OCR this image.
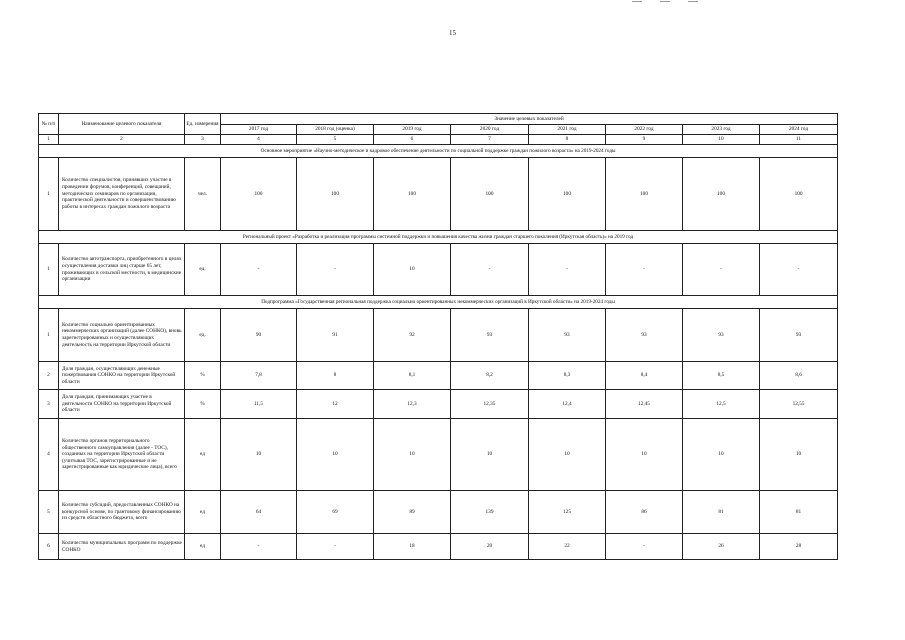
15
№ п/п	Наименование целевого показателя	Ед. измерения	Значение целевых показателей							
			2017 год	2018 год (оценка)	2019 год	2020 год	2021 год	2022 год	2023 год	2024 год
1	2	3	4	5	6	7	8	9	10	11
Основное мероприятие «Научно-методическое и кадровое обеспечение деятельности по социальной поддержке граждан пожилого возраста» на 2019-2024 годы										
1	Количество специалистов, принявших участие в проведении форумов, конференций, совещаний, методических семинаров по организации, практической деятельности и совершенствованию работы в интересах граждан пожилого возраста	чел.	100	100	100	100	100	100	100	100
Региональный проект «Разработка и реализация программы системной поддержки и повышения качества жизни граждан старшего поколения (Иркутская область)» на 2019 год										
1	Количество автотранспорта, приобретенного в целях осуществления доставки лиц старше 65 лет, проживающих в сельской местности, в медицинские организации	ед.	-	-	10	-	-	-	-	-
Подпрограмма «Государственная региональная поддержка социально ориентированных некоммерческих организаций в Иркутской области» на 2019-2024 годы										
1	Количество социально ориентированных некоммерческих организаций (далее СОНКО), вновь зарегистрированных и осуществляющих деятельность на территории Иркутской области	ед.	90	91	92	93	93	93	93	93
2	Доля граждан, осуществляющих денежные пожертвования СОНКО на территории Иркутской области	%	7,8	8	8,1	8,2	8,3	8,4	8,5	8,6
3	Доля граждан, принимающих участие в деятельности СОНКО на территории Иркутской области	%	11,5	12	12,3	12,35	12,4	12,45	12,5	12,55
4	Количество органов территориального общественного самоуправления (далее - ТОС), созданных на территории Иркутской области (учитывая ТОС, зарегистрированные и не зарегистрированные как юридические лица), всего	ед	10	10	10	10	10	10	10	10
5	Количество субсидий, предоставленных СОНКО на конкурсной основе, по грантовому финансированию из средств областного бюджета, всего	ед	64	69	89	139	125	86	81	81
6	Количество муниципальных программ по поддержке СОНКО	ед	-	-	18	20	22	-	26	28
